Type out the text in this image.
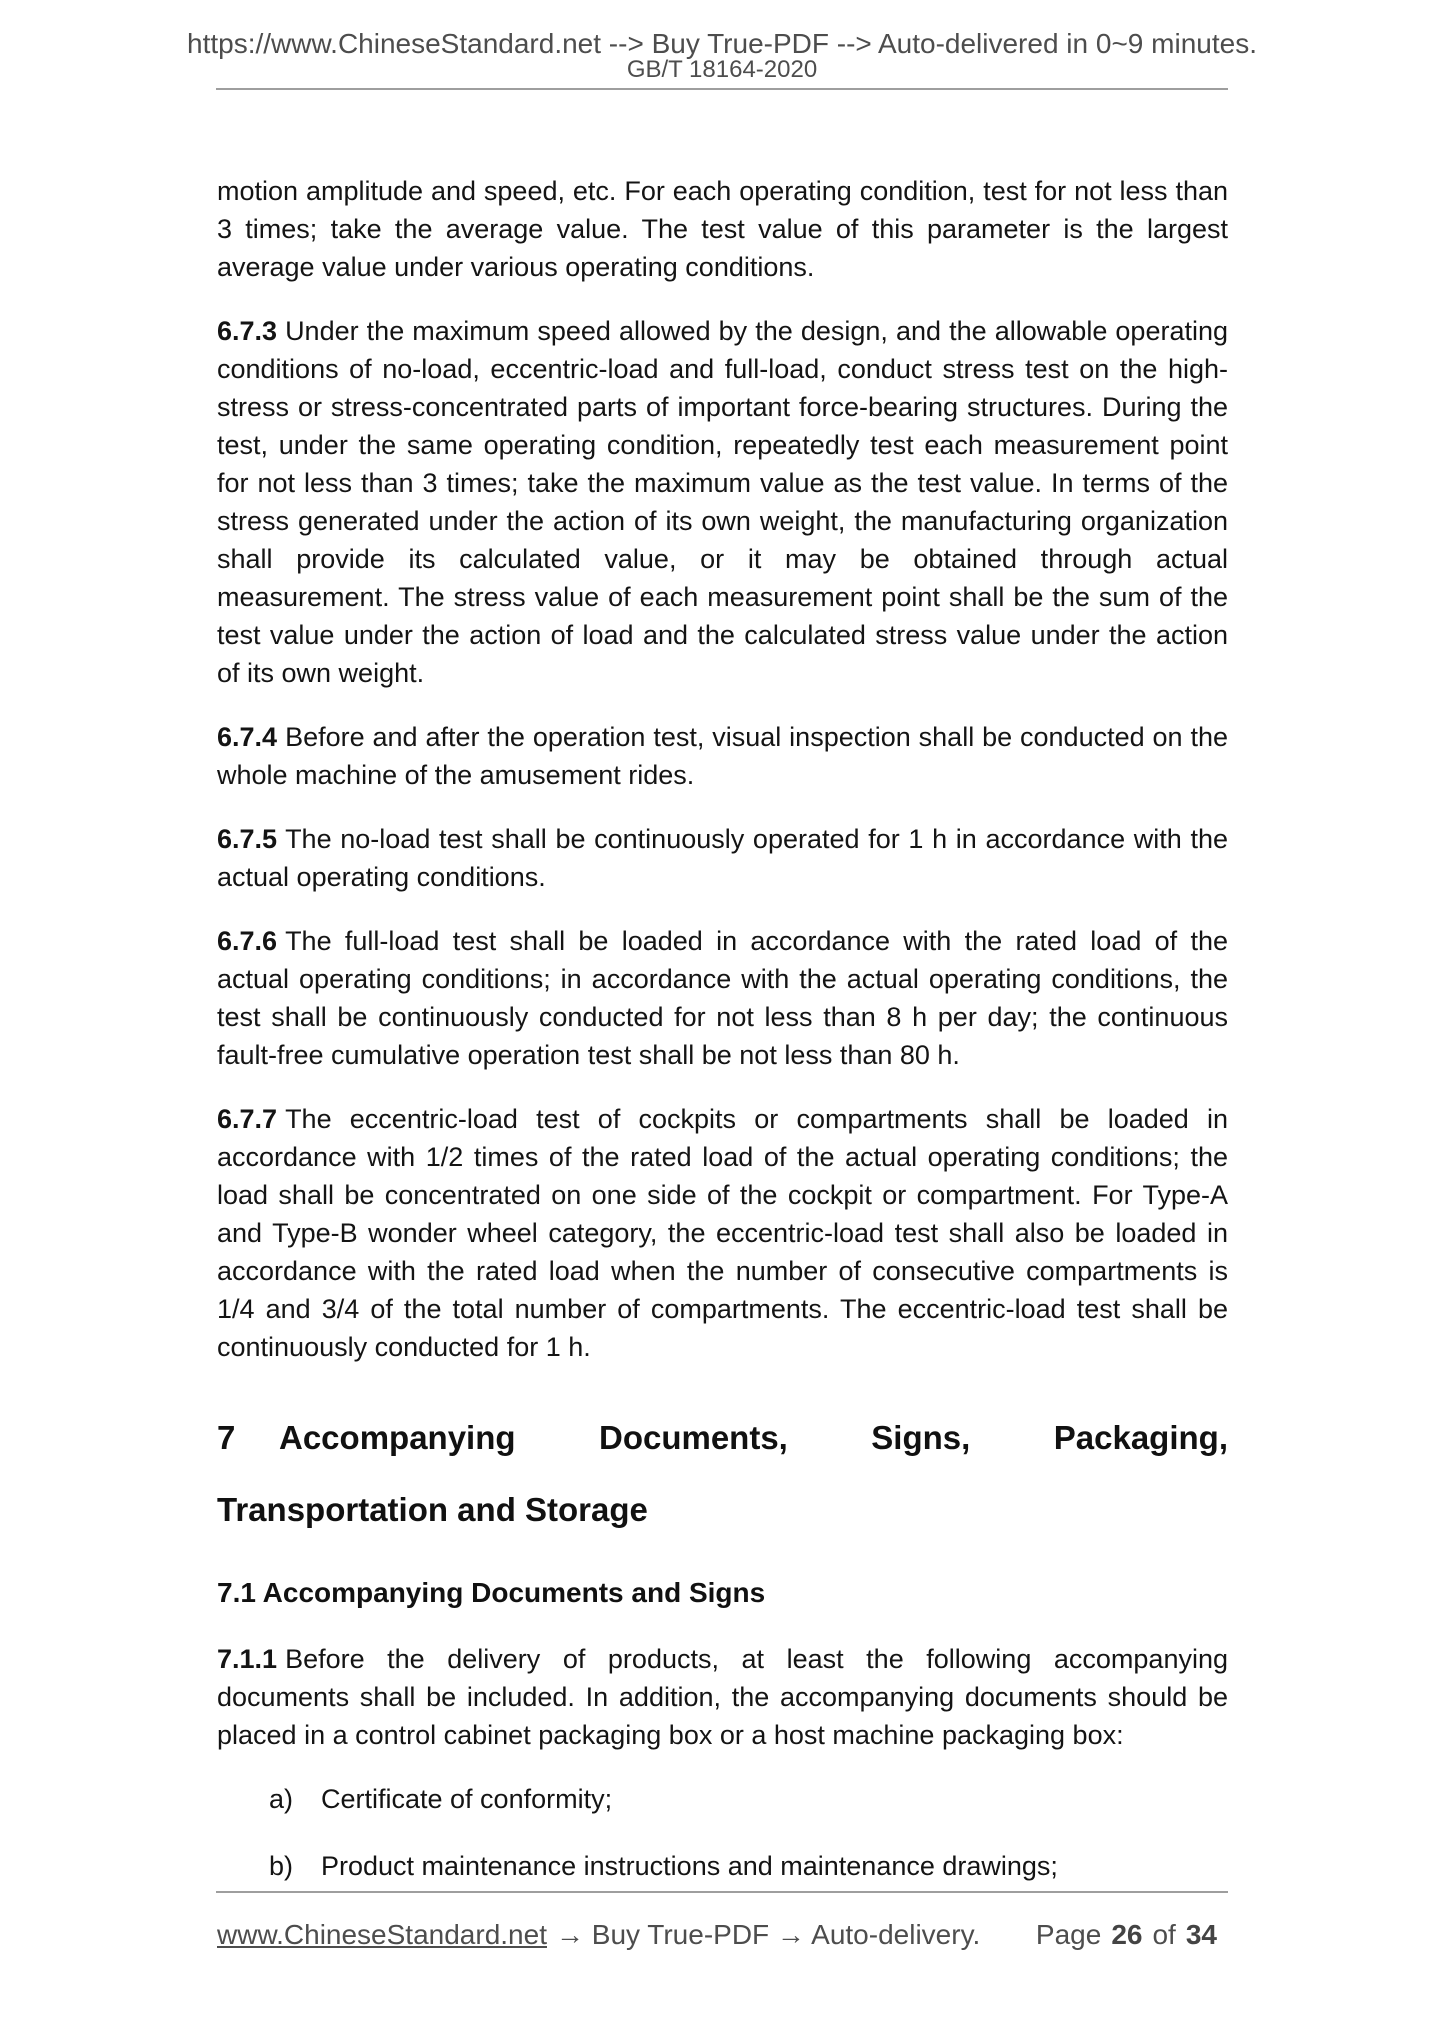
https://www.ChineseStandard.net --> Buy True-PDF --> Auto-delivered in 0~9 minutes.
GB/T 18164-2020

motion amplitude and speed, etc. For each operating condition, test for not less than 3 times; take the average value. The test value of this parameter is the largest average value under various operating conditions.

6.7.3 Under the maximum speed allowed by the design, and the allowable operating conditions of no-load, eccentric-load and full-load, conduct stress test on the high-stress or stress-concentrated parts of important force-bearing structures. During the test, under the same operating condition, repeatedly test each measurement point for not less than 3 times; take the maximum value as the test value. In terms of the stress generated under the action of its own weight, the manufacturing organization shall provide its calculated value, or it may be obtained through actual measurement. The stress value of each measurement point shall be the sum of the test value under the action of load and the calculated stress value under the action of its own weight.

6.7.4 Before and after the operation test, visual inspection shall be conducted on the whole machine of the amusement rides.

6.7.5 The no-load test shall be continuously operated for 1 h in accordance with the actual operating conditions.

6.7.6 The full-load test shall be loaded in accordance with the rated load of the actual operating conditions; in accordance with the actual operating conditions, the test shall be continuously conducted for not less than 8 h per day; the continuous fault-free cumulative operation test shall be not less than 80 h.

6.7.7 The eccentric-load test of cockpits or compartments shall be loaded in accordance with 1/2 times of the rated load of the actual operating conditions; the load shall be concentrated on one side of the cockpit or compartment. For Type-A and Type-B wonder wheel category, the eccentric-load test shall also be loaded in accordance with the rated load when the number of consecutive compartments is 1/4 and 3/4 of the total number of compartments. The eccentric-load test shall be continuously conducted for 1 h.

7 Accompanying Documents, Signs, Packaging, Transportation and Storage
7.1 Accompanying Documents and Signs

7.1.1 Before the delivery of products, at least the following accompanying documents shall be included. In addition, the accompanying documents should be placed in a control cabinet packaging box or a host machine packaging box:

a) Certificate of conformity;
b) Product maintenance instructions and maintenance drawings;
www.ChineseStandard.net → Buy True-PDF → Auto-delivery. Page 26 of 34
